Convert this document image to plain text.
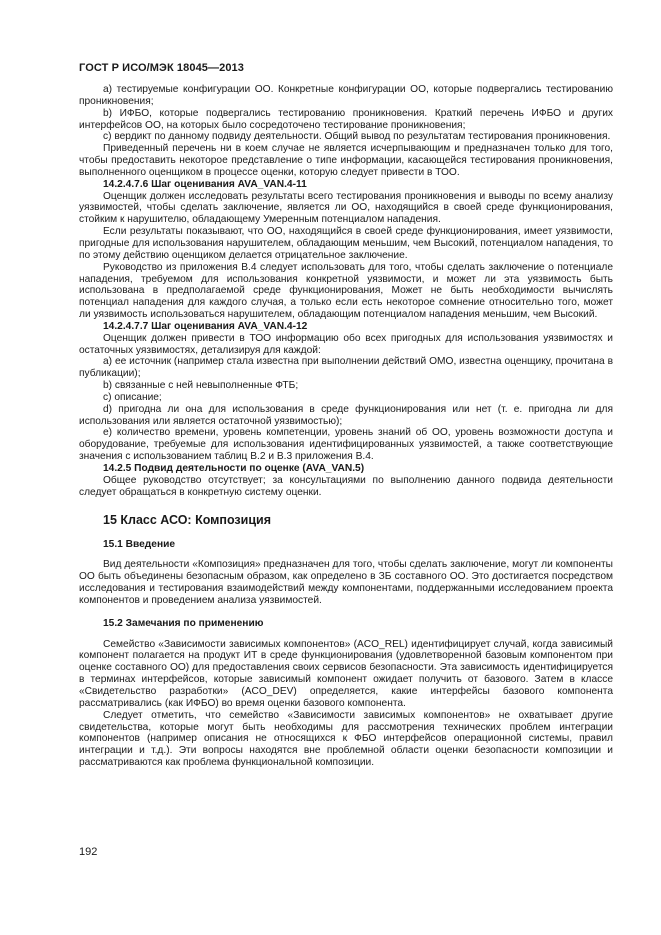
ГОСТ Р ИСО/МЭК 18045—2013

а) тестируемые конфигурации ОО. Конкретные конфигурации ОО, которые подвергались тестированию проникновения;

b) ИФБО, которые подвергались тестированию проникновения. Краткий перечень ИФБО и других интерфейсов ОО, на которых было сосредоточено тестирование проникновения;

c) вердикт по данному подвиду деятельности. Общий вывод по результатам тестирования проникновения.

Приведенный перечень ни в коем случае не является исчерпывающим и предназначен только для того, чтобы предоставить некоторое представление о типе информации, касающейся тестирования проникновения, выполненного оценщиком в процессе оценки, которую следует привести в ТОО.

14.2.4.7.6 Шаг оценивания AVA_VAN.4-11

Оценщик должен исследовать результаты всего тестирования проникновения и выводы по всему анализу уязвимостей, чтобы сделать заключение, является ли ОО, находящийся в своей среде функционирования, стойким к нарушителю, обладающему Умеренным потенциалом нападения.

Если результаты показывают, что ОО, находящийся в своей среде функционирования, имеет уязвимости, пригодные для использования нарушителем, обладающим меньшим, чем Высокий, потенциалом нападения, то по этому действию оценщиком делается отрицательное заключение.

Руководство из приложения В.4 следует использовать для того, чтобы сделать заключение о потенциале нападения, требуемом для использования конкретной уязвимости, и может ли эта уязвимость быть использована в предполагаемой среде функционирования, Может не быть необходимости вычислять потенциал нападения для каждого случая, а только если есть некоторое сомнение относительно того, может ли уязвимость использоваться нарушителем, обладающим потенциалом нападения меньшим, чем Высокий.

14.2.4.7.7 Шаг оценивания AVA_VAN.4-12

Оценщик должен привести в ТОО информацию обо всех пригодных для использования уязвимостях и остаточных уязвимостях, детализируя для каждой:

а) ее источник (например стала известна при выполнении действий ОМО, известна оценщику, прочитана в публикации);

b) связанные с ней невыполненные ФТБ;

c) описание;

d) пригодна ли она для использования в среде функционирования или нет (т. е. пригодна ли для использования или является остаточной уязвимостью);

e) количество времени, уровень компетенции, уровень знаний об ОО, уровень возможности доступа и оборудование, требуемые для использования идентифицированных уязвимостей, а также соответствующие значения с использованием таблиц В.2 и В.3 приложения В.4.

14.2.5 Подвид деятельности по оценке (AVA_VAN.5)

Общее руководство отсутствует; за консультациями по выполнению данного подвида деятельности следует обращаться в конкретную систему оценки.

15 Класс АСО: Композиция

15.1 Введение

Вид деятельности «Композиция» предназначен для того, чтобы сделать заключение, могут ли компоненты ОО быть объединены безопасным образом, как определено в ЗБ составного ОО. Это достигается посредством исследования и тестирования взаимодействий между компонентами, поддержанными исследованием проекта компонентов и проведением анализа уязвимостей.

15.2 Замечания по применению

Семейство «Зависимости зависимых компонентов» (ACO_REL) идентифицирует случай, когда зависимый компонент полагается на продукт ИТ в среде функционирования (удовлетворенной базовым компонентом при оценке составного ОО) для предоставления своих сервисов безопасности. Эта зависимость идентифицируется в терминах интерфейсов, которые зависимый компонент ожидает получить от базового. Затем в классе «Свидетельство разработки» (ACO_DEV) определяется, какие интерфейсы базового компонента рассматривались (как ИФБО) во время оценки базового компонента.

Следует отметить, что семейство «Зависимости зависимых компонентов» не охватывает другие свидетельства, которые могут быть необходимы для рассмотрения технических проблем интеграции компонентов (например описания не относящихся к ФБО интерфейсов операционной системы, правил интеграции и т.д.). Эти вопросы находятся вне проблемной области оценки безопасности композиции и рассматриваются как проблема функциональной композиции.

192
